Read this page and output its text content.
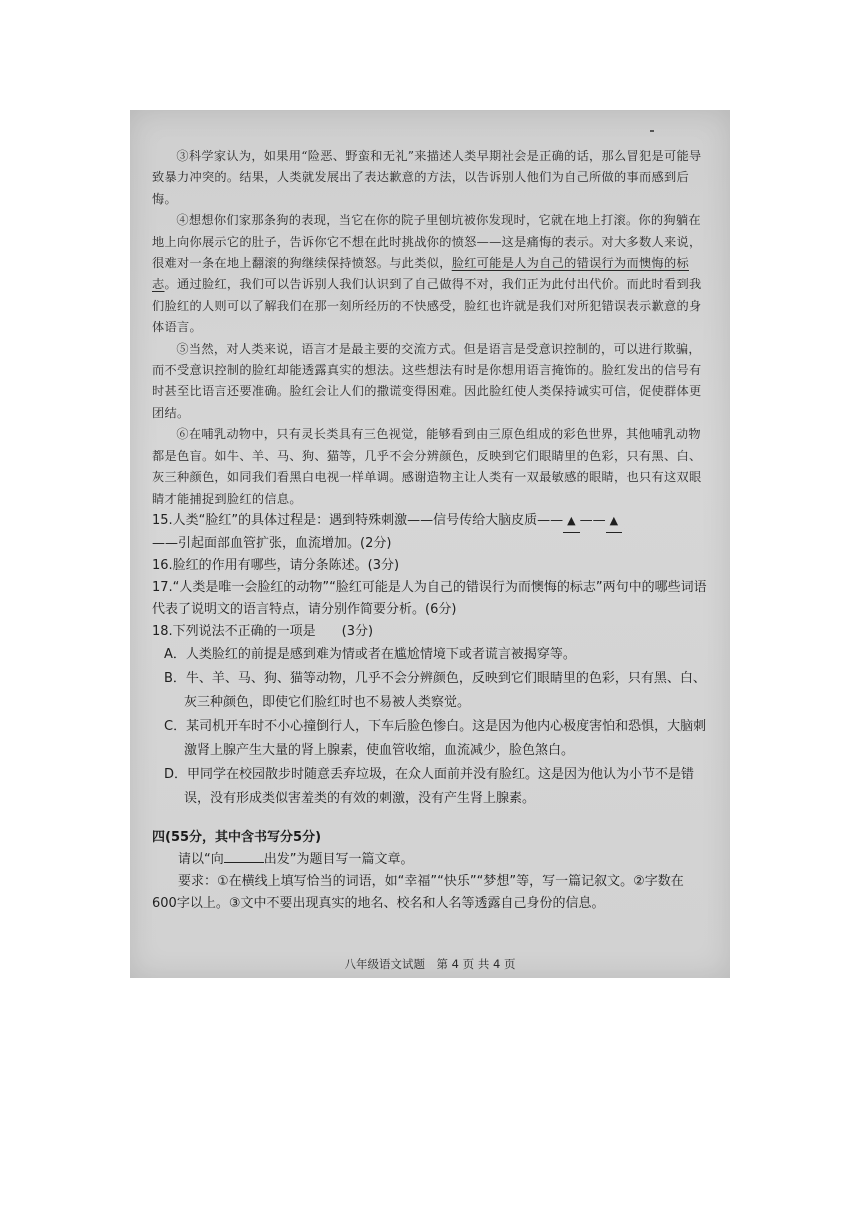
③科学家认为，如果用“险恶、野蛮和无礼”来描述人类早期社会是正确的话，那么冒犯是可能导致暴力冲突的。结果，人类就发展出了表达歉意的方法，以告诉别人他们为自己所做的事而感到后悔。

④想想你们家那条狗的表现，当它在你的院子里刨坑被你发现时，它就在地上打滚。你的狗躺在地上向你展示它的肚子，告诉你它不想在此时挑战你的愤怒——这是痛悔的表示。对大多数人来说，很难对一条在地上翻滚的狗继续保持愤怒。与此类似，脸红可能是人为自己的错误行为而懊悔的标志。通过脸红，我们可以告诉别人我们认识到了自己做得不对，我们正为此付出代价。而此时看到我们脸红的人则可以了解我们在那一刻所经历的不快感受，脸红也许就是我们对所犯错误表示歉意的身体语言。

⑤当然，对人类来说，语言才是最主要的交流方式。但是语言是受意识控制的，可以进行欺骗，而不受意识控制的脸红却能透露真实的想法。这些想法有时是你想用语言掩饰的。脸红发出的信号有时甚至比语言还要准确。脸红会让人们的撒谎变得困难。因此脸红使人类保持诚实可信，促使群体更团结。

⑥在哺乳动物中，只有灵长类具有三色视觉，能够看到由三原色组成的彩色世界，其他哺乳动物都是色盲。如牛、羊、马、狗、猫等，几乎不会分辨颜色，反映到它们眼睛里的色彩，只有黑、白、灰三种颜色，如同我们看黑白电视一样单调。感谢造物主让人类有一双最敏感的眼睛，也只有这双眼睛才能捕捉到脸红的信息。

15.人类“脸红”的具体过程是：遇到特殊刺激——信号传给大脑皮质—— ▲ —— ▲
——引起面部血管扩张，血流增加。(2分)

16.脸红的作用有哪些，请分条陈述。(3分)

17.“人类是唯一会脸红的动物”“脸红可能是人为自己的错误行为而懊悔的标志”两句中的哪些词语代表了说明文的语言特点，请分别作简要分析。(6分)

18.下列说法不正确的一项是　　(3分)

A．人类脸红的前提是感到难为情或者在尴尬情境下或者谎言被揭穿等。

B．牛、羊、马、狗、猫等动物，几乎不会分辨颜色，反映到它们眼睛里的色彩，只有黑、白、灰三种颜色，即使它们脸红时也不易被人类察觉。

C．某司机开车时不小心撞倒行人，下车后脸色惨白。这是因为他内心极度害怕和恐惧，大脑刺激肾上腺产生大量的肾上腺素，使血管收缩，血流减少，脸色煞白。

D．甲同学在校园散步时随意丢弃垃圾，在众人面前并没有脸红。这是因为他认为小节不是错误，没有形成类似害羞类的有效的刺激，没有产生肾上腺素。

四(55分，其中含书写分5分)

请以“向	出发”为题目写一篇文章。

要求：①在横线上填写恰当的词语，如“幸福”“快乐”“梦想”等，写一篇记叙文。②字数在600字以上。③文中不要出现真实的地名、校名和人名等透露自己身份的信息。

八年级语文试题　第 4 页 共 4 页
